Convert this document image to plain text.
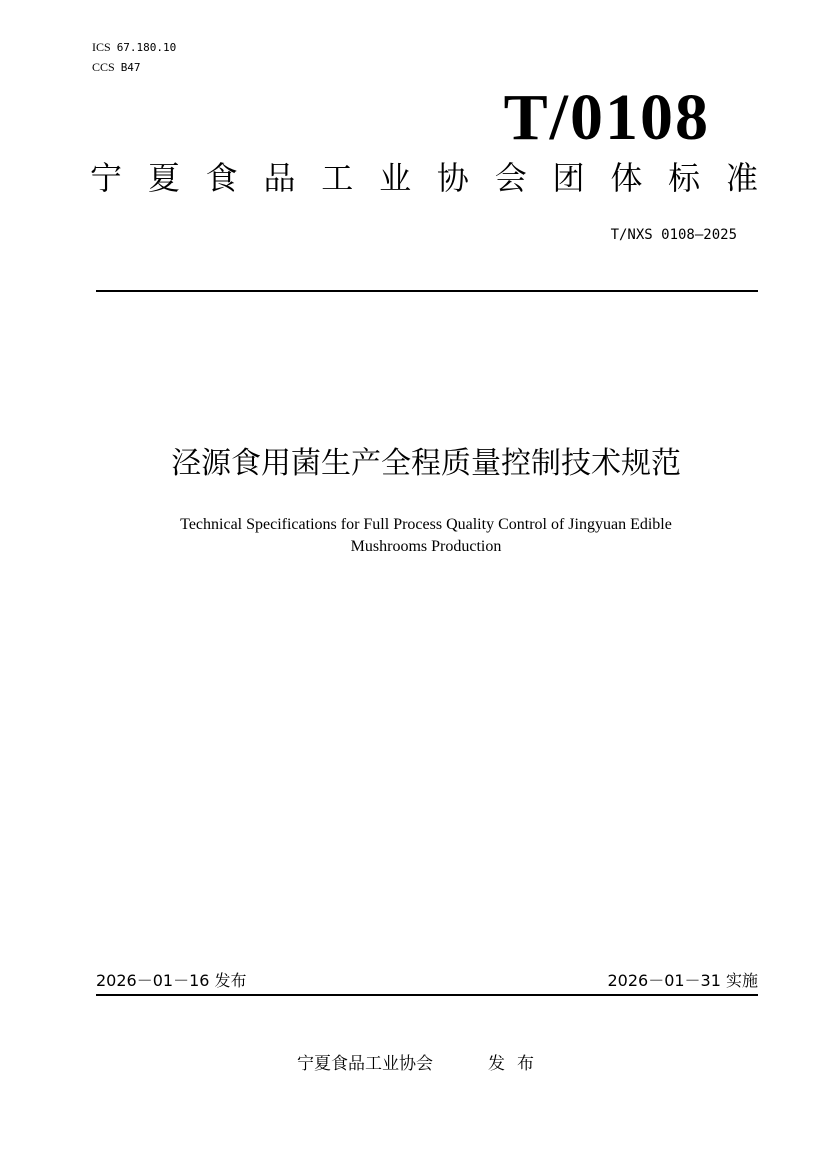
ICS 67.180.10
CCS B47
T/0108
宁 夏 食 品 工 业 协 会 团 体 标 准
T/NXS 0108—2025
泾源食用菌生产全程质量控制技术规范
Technical Specifications for Full Process Quality Control of Jingyuan Edible
Mushrooms Production
2026－01－16 发布	2026－01－31 实施
宁夏食品工业协会	发布
